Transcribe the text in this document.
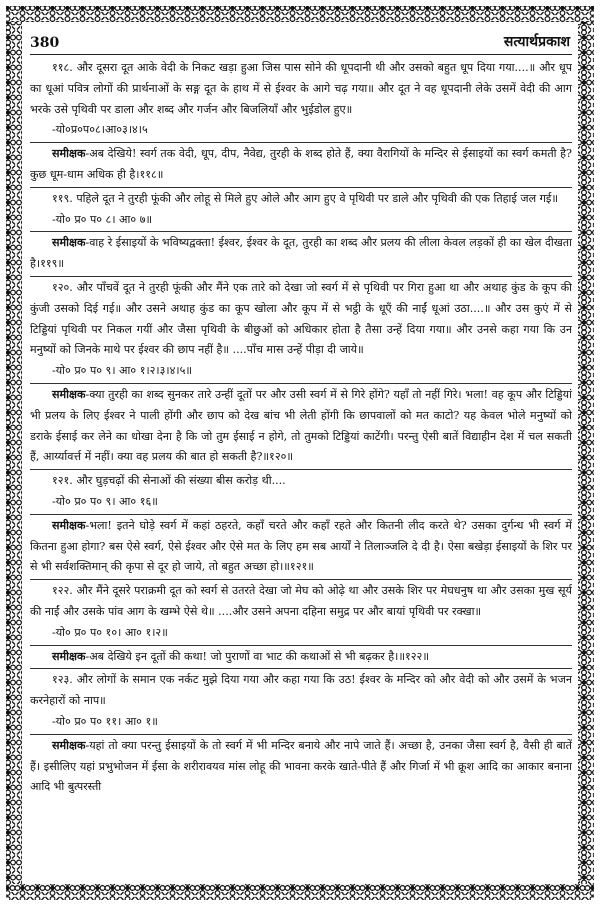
380	सत्यार्थप्रकाश

११८. और दूसरा दूत आके वेदी के निकट खड़ा हुआ जिस पास सोने की धूपदानी थी और उसको बहुत धूप दिया गया....॥ और धूप का धूआं पवित्र लोगों की प्रार्थनाओं के सङ्ग दूत के हाथ में से ईश्वर के आगे चढ़ गया॥ और दूत ने वह धूपदानी लेके उसमें वेदी की आग भरके उसे पृथिवी पर डाला और शब्द और गर्जन और बिजलियाँ और भुईडोल हुए॥
-यो०प्र०प०८।आ०३।४।५

समीक्षक-अब देखिये! स्वर्ग तक वेदी, धूप, दीप, नैवेद्य, तुरही के शब्द होते हैं, क्या वैरागियों के मन्दिर से ईसाइयों का स्वर्ग कमती है? कुछ धूम-धाम अधिक ही है।११८॥

११९. पहिले दूत ने तुरही फूंकी और लोहू से मिले हुए ओले और आग हुए वे पृथिवी पर डाले और पृथिवी की एक तिहाई जल गई॥
-यो० प्र० प० ८। आ० ७॥

समीक्षक-वाह रे ईसाइयों के भविष्यद्वक्ता! ईश्वर, ईश्वर के दूत, तुरही का शब्द और प्रलय की लीला केवल लड़कों ही का खेल दीखता है।११९॥

१२०. और पाँचवें दूत ने तुरही फूंकी और मैंने एक तारे को देखा जो स्वर्ग में से पृथिवी पर गिरा हुआ था और अथाह कुंड के कूप की कुंजी उसको दिई गई॥ और उसने अथाह कुंड का कूप खोला और कूप में से भट्ठी के धूएँ की नाईं धूआं उठा....॥ और उस कुएं में से टिड्डियां पृथिवी पर निकल गयीं और जैसा पृथिवी के बीछुओं को अधिकार होता है तैसा उन्हें दिया गया॥ और उनसे कहा गया कि उन मनुष्यों को जिनके माथे पर ईश्वर की छाप नहीं है॥ ....पाँच मास उन्हें पीड़ा दी जाये॥
-यो० प्र० प० ९। आ० १।२।३।४।५॥

समीक्षक-क्या तुरही का शब्द सुनकर तारे उन्हीं दूतों पर और उसी स्वर्ग में से गिरे होंगे? यहाँ तो नहीं गिरे। भला! वह कूप और टिड्डियां भी प्रलय के लिए ईश्वर ने पाली होंगी और छाप को देख बांच भी लेती होंगी कि छापवालों को मत काटो? यह केवल भोले मनुष्यों को डराके ईसाई कर लेने का धोखा देना है कि जो तुम ईसाई न होगे, तो तुमको टिड्डियां काटेंगी। परन्तु ऐसी बातें विद्याहीन देश में चल सकती हैं, आर्य्यावर्त्त में नहीं। क्या वह प्रलय की बात हो सकती है?॥१२०॥

१२१. और घुड़चढ़ों की सेनाओं की संख्या बीस करोड़ थी....
-यो० प्र० प० ९। आ० १६॥

समीक्षक-भला! इतने घोड़े स्वर्ग में कहां ठहरते, कहाँ चरते और कहाँ रहते और कितनी लीद करते थे? उसका दुर्गन्ध भी स्वर्ग में कितना हुआ होगा? बस ऐसे स्वर्ग, ऐसे ईश्वर और ऐसे मत के लिए हम सब आर्यों ने तिलाञ्जलि दे दी है। ऐसा बखेड़ा ईसाइयों के शिर पर से भी सर्वशक्तिमान् की कृपा से दूर हो जाये, तो बहुत अच्छा हो।॥१२१॥

१२२. और मैंने दूसरे पराक्रमी दूत को स्वर्ग से उतरते देखा जो मेघ को ओढ़े था और उसके शिर पर मेघधनुष था और उसका मुख सूर्य की नाईं और उसके पांव आग के खम्भे ऐसे थे॥ ....और उसने अपना दहिना समुद्र पर और बायां पृथिवी पर रक्खा॥
-यो० प्र० प० १०। आ० १।२॥

समीक्षक-अब देखिये इन दूतों की कथा! जो पुराणों वा भाट की कथाओं से भी बढ़कर है।॥१२२॥

१२३. और लोगों के समान एक नर्कट मुझे दिया गया और कहा गया कि उठ! ईश्वर के मन्दिर को और वेदी को और उसमें के भजन करनेहारों को नाप॥
-यो० प्र० प० ११। आ० १॥

समीक्षक-यहां तो क्या परन्तु ईसाइयों के तो स्वर्ग में भी मन्दिर बनाये और नापे जाते हैं। अच्छा है, उनका जैसा स्वर्ग है, वैसी ही बातें हैं। इसीलिए यहां प्रभुभोजन में ईसा के शरीरावयव मांस लोहू की भावना करके खाते-पीते हैं और गिर्जा में भी क्रूश आदि का आकार बनाना आदि भी बुत्परस्ती
